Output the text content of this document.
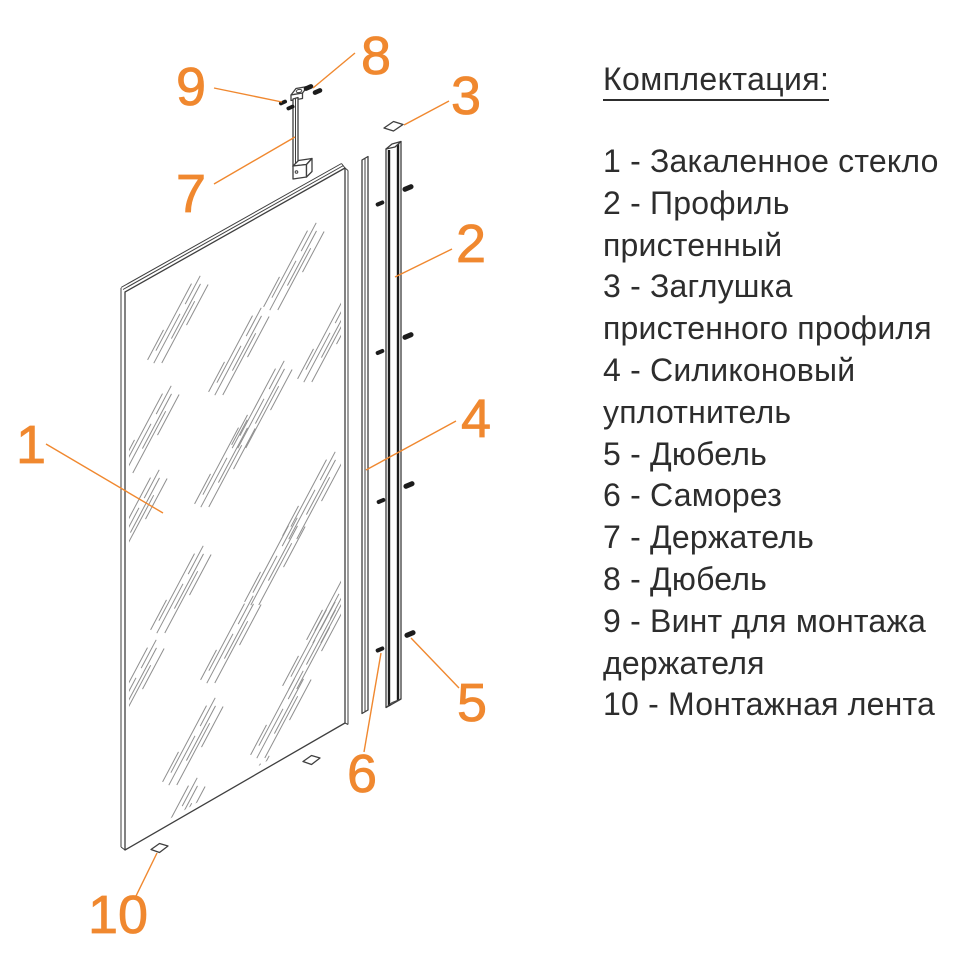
1
2
3
4
5
6
7
8
9
10
Комплектация:
1 - Закаленное стекло
2 - Профиль
пристенный
3 - Заглушка
пристенного профиля
4 - Силиконовый
уплотнитель
5 - Дюбель
6 - Саморез
7 - Держатель
8 - Дюбель
9 - Винт для монтажа
держателя
10 - Монтажная лента
